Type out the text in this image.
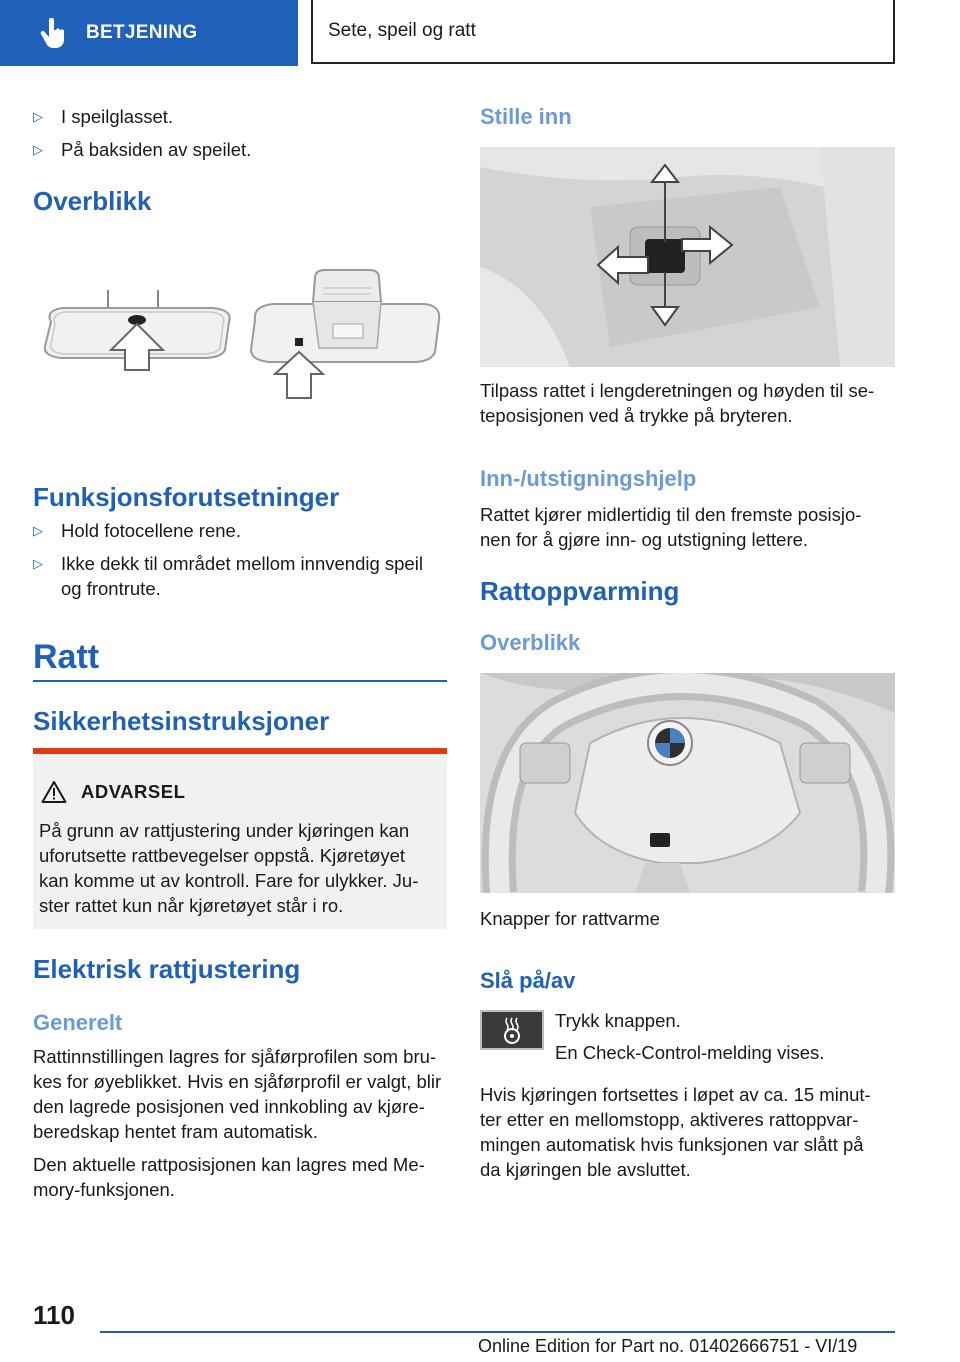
BETJENING	Sete, speil og ratt
▷ I speilglasset.
▷ På baksiden av speilet.
Overblikk
Funksjonsforutsetninger
▷ Hold fotocellene rene.
▷ Ikke dekk til området mellom innvendig speil og frontrute.
Ratt
Sikkerhetsinstruksjoner
ADVARSEL

På grunn av rattjustering under kjøringen kan

uforutsette rattbevegelser oppstå. Kjøretøyet

kan komme ut av kontroll. Fare for ulykker. Ju-

ster rattet kun når kjøretøyet står i ro.

Elektrisk rattjustering
Generelt

Rattinnstillingen lagres for sjåførprofilen som bru-

kes for øyeblikket. Hvis en sjåførprofil er valgt, blir

den lagrede posisjonen ved innkobling av kjøre-

beredskap hentet fram automatisk.

Den aktuelle rattposisjonen kan lagres med Me-

mory-funksjonen.

Stille inn

Tilpass rattet i lengderetningen og høyden til se-

teposisjonen ved å trykke på bryteren.

Inn-/utstigningshjelp

Rattet kjører midlertidig til den fremste posisjo-

nen for å gjøre inn- og utstigning lettere.

Rattoppvarming
Overblikk

Knapper for rattvarme

Slå på/av

Trykk knappen.

En Check-Control-melding vises.

Hvis kjøringen fortsettes i løpet av ca. 15 minut-

ter etter en mellomstopp, aktiveres rattoppvar-

mingen automatisk hvis funksjonen var slått på

da kjøringen ble avsluttet.

110
Online Edition for Part no. 01402666751 - VI/19
